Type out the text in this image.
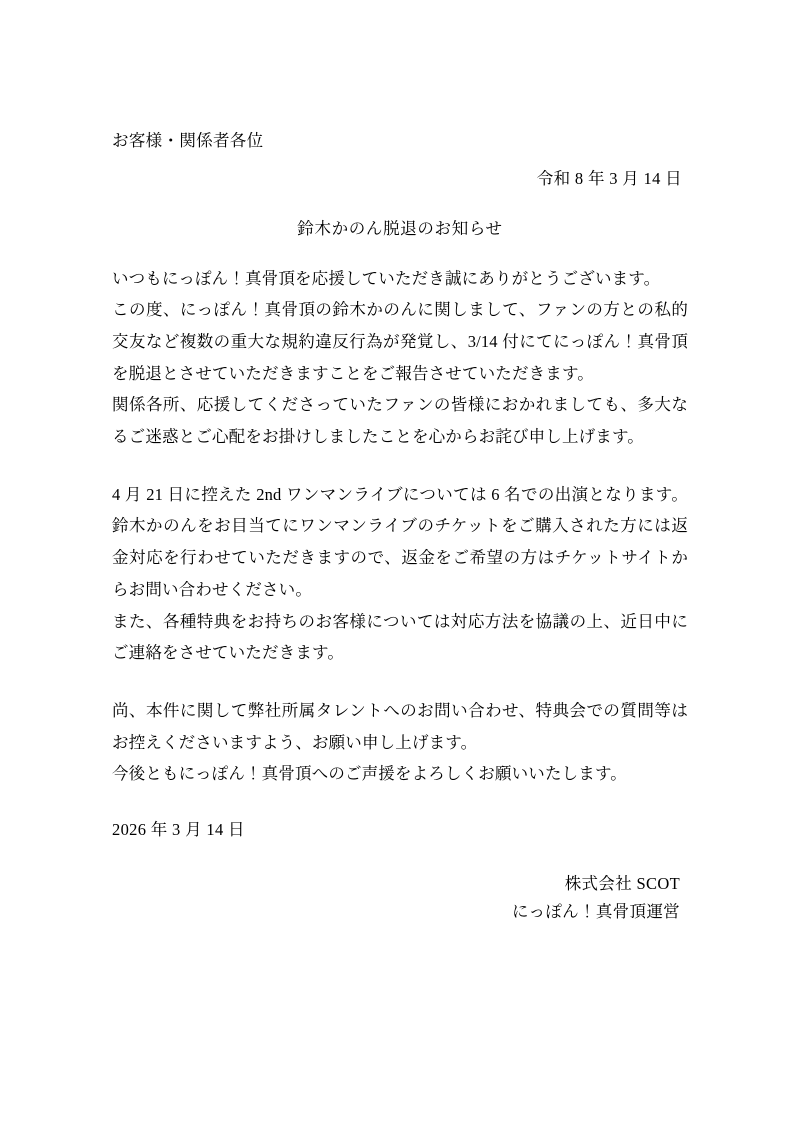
お客様・関係者各位
令和 8 年 3 月 14 日
鈴木かのん脱退のお知らせ

いつもにっぽん！真骨頂を応援していただき誠にありがとうございます。

この度、にっぽん！真骨頂の鈴木かのんに関しまして、ファンの方との私的交友など複数の重大な規約違反行為が発覚し、3/14 付にてにっぽん！真骨頂を脱退とさせていただきますことをご報告させていただきます。

関係各所、応援してくださっていたファンの皆様におかれましても、多大なるご迷惑とご心配をお掛けしましたことを心からお詫び申し上げます。

4 月 21 日に控えた 2nd ワンマンライブについては 6 名での出演となります。鈴木かのんをお目当てにワンマンライブのチケットをご購入された方には返金対応を行わせていただきますので、返金をご希望の方はチケットサイトからお問い合わせください。

また、各種特典をお持ちのお客様については対応方法を協議の上、近日中にご連絡をさせていただきます。

尚、本件に関して弊社所属タレントへのお問い合わせ、特典会での質問等はお控えくださいますよう、お願い申し上げます。

今後ともにっぽん！真骨頂へのご声援をよろしくお願いいたします。

2026 年 3 月 14 日
株式会社 SCOT
にっぽん！真骨頂運営
